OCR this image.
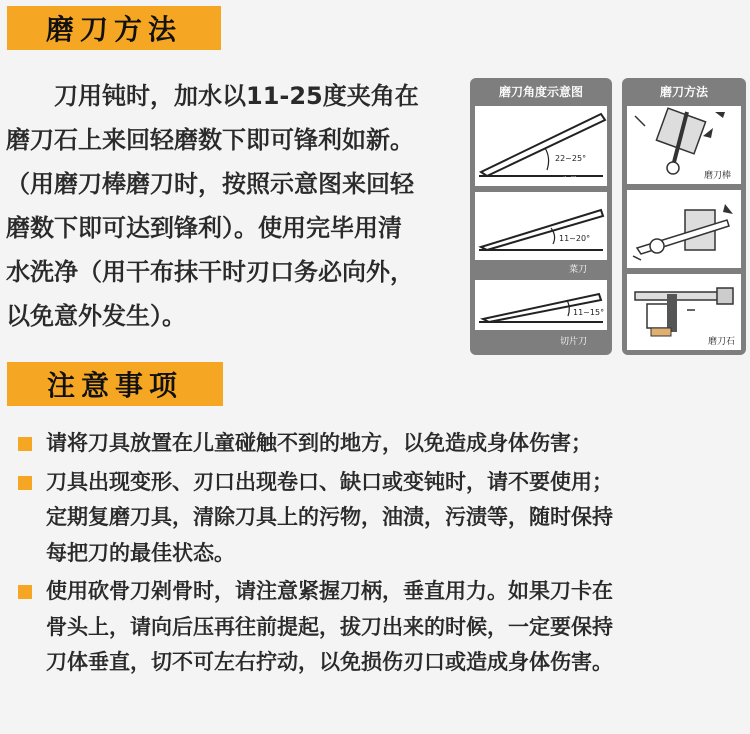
磨刀方法

　　刀用钝时，加水以11-25度夹角在

磨刀石上来回轻磨数下即可锋利如新。

（用磨刀棒磨刀时，按照示意图来回轻

磨数下即可达到锋利）。使用完毕用清

水洗净（用干布抹干时刃口务必向外，

以免意外发生）。

磨刀角度示意图
22~25°
砍骨刀
11~20°
菜刀
11~15°
切片刀
磨刀方法
磨刀棒
磨刀石
注意事项
请将刀具放置在儿童碰触不到的地方，以免造成身体伤害；
刀具出现变形、刃口出现卷口、缺口或变钝时，请不要使用；
定期复磨刀具，清除刀具上的污物，油渍，污渍等，随时保持
每把刀的最佳状态。
使用砍骨刀剁骨时，请注意紧握刀柄，垂直用力。如果刀卡在
骨头上，请向后压再往前提起，拔刀出来的时候，一定要保持
刀体垂直，切不可左右拧动，以免损伤刃口或造成身体伤害。
